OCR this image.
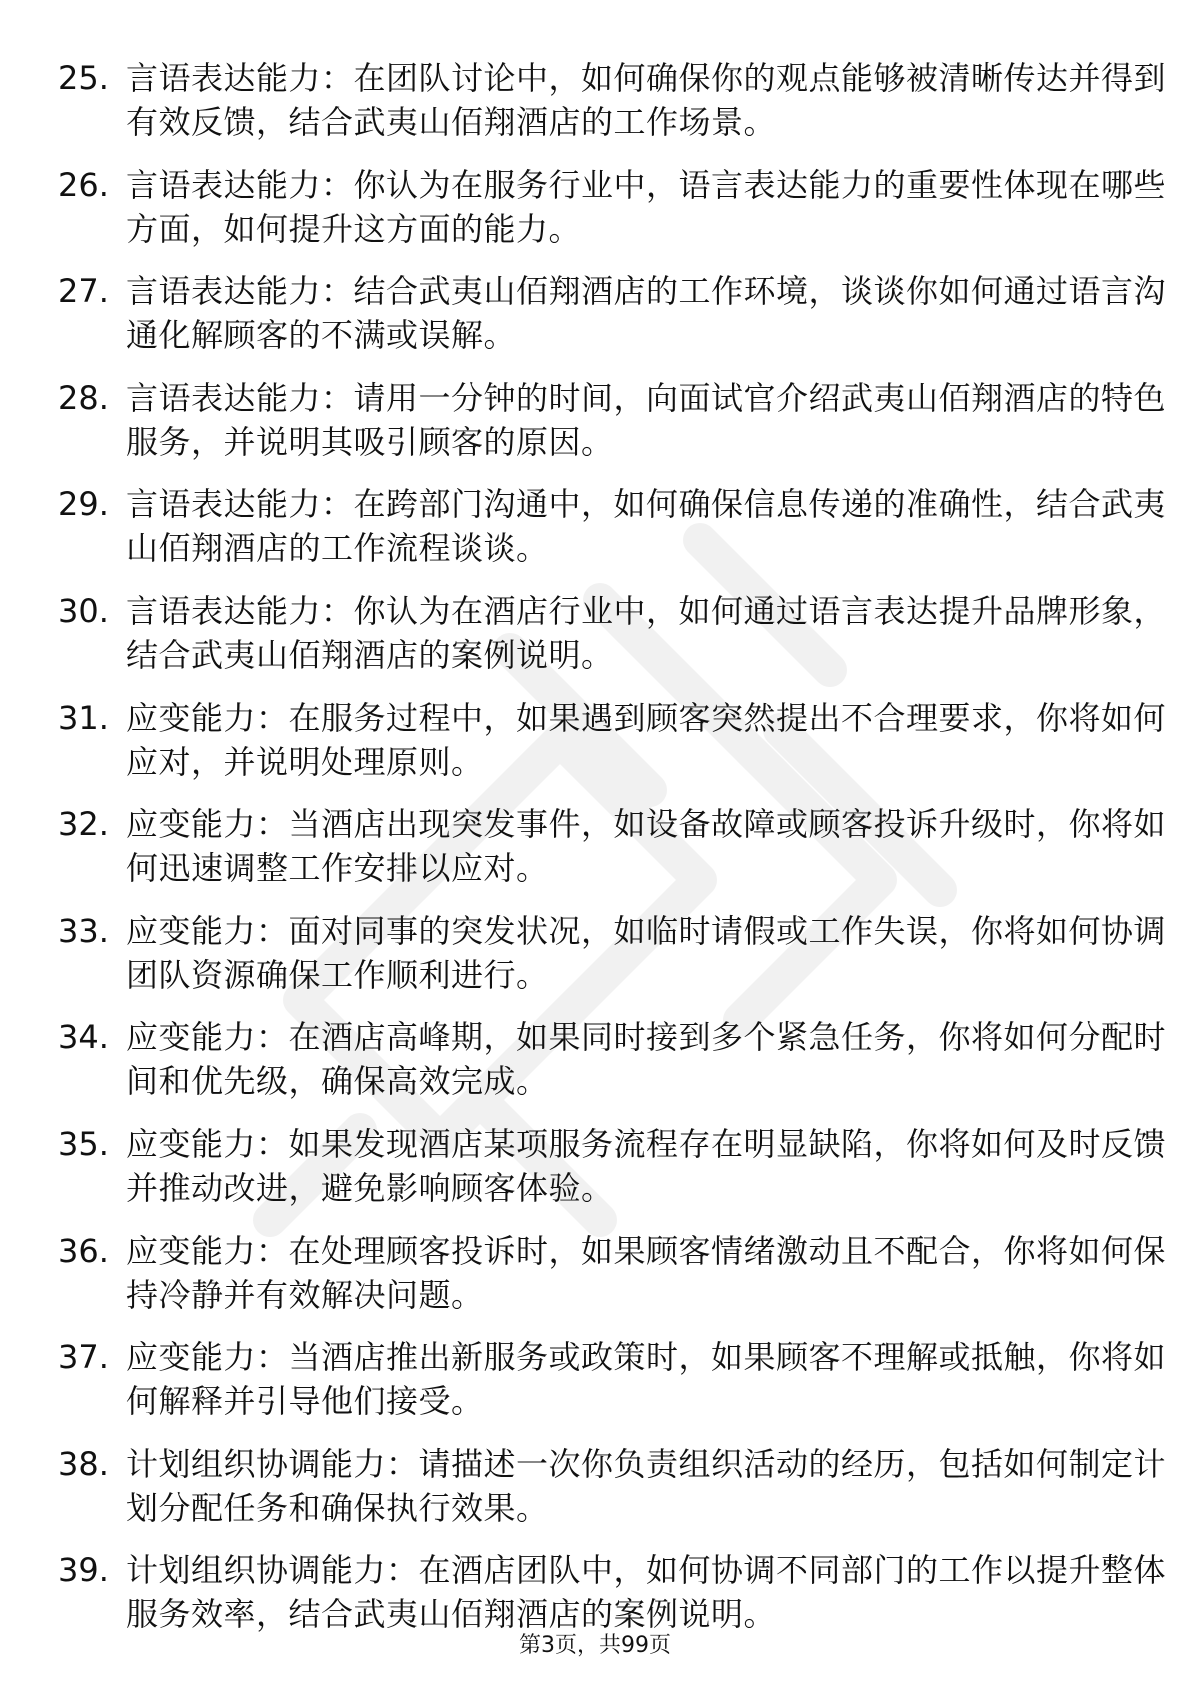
25. 言语表达能力：在团队讨论中，如何确保你的观点能够被清晰传达并得到有效反馈，结合武夷山佰翔酒店的工作场景。
26. 言语表达能力：你认为在服务行业中，语言表达能力的重要性体现在哪些方面，如何提升这方面的能力。
27. 言语表达能力：结合武夷山佰翔酒店的工作环境，谈谈你如何通过语言沟通化解顾客的不满或误解。
28. 言语表达能力：请用一分钟的时间，向面试官介绍武夷山佰翔酒店的特色服务，并说明其吸引顾客的原因。
29. 言语表达能力：在跨部门沟通中，如何确保信息传递的准确性，结合武夷山佰翔酒店的工作流程谈谈。
30. 言语表达能力：你认为在酒店行业中，如何通过语言表达提升品牌形象，结合武夷山佰翔酒店的案例说明。
31. 应变能力：在服务过程中，如果遇到顾客突然提出不合理要求，你将如何应对，并说明处理原则。
32. 应变能力：当酒店出现突发事件，如设备故障或顾客投诉升级时，你将如何迅速调整工作安排以应对。
33. 应变能力：面对同事的突发状况，如临时请假或工作失误，你将如何协调团队资源确保工作顺利进行。
34. 应变能力：在酒店高峰期，如果同时接到多个紧急任务，你将如何分配时间和优先级，确保高效完成。
35. 应变能力：如果发现酒店某项服务流程存在明显缺陷，你将如何及时反馈并推动改进，避免影响顾客体验。
36. 应变能力：在处理顾客投诉时，如果顾客情绪激动且不配合，你将如何保持冷静并有效解决问题。
37. 应变能力：当酒店推出新服务或政策时，如果顾客不理解或抵触，你将如何解释并引导他们接受。
38. 计划组织协调能力：请描述一次你负责组织活动的经历，包括如何制定计划分配任务和确保执行效果。
39. 计划组织协调能力：在酒店团队中，如何协调不同部门的工作以提升整体服务效率，结合武夷山佰翔酒店的案例说明。
第3页，共99页
